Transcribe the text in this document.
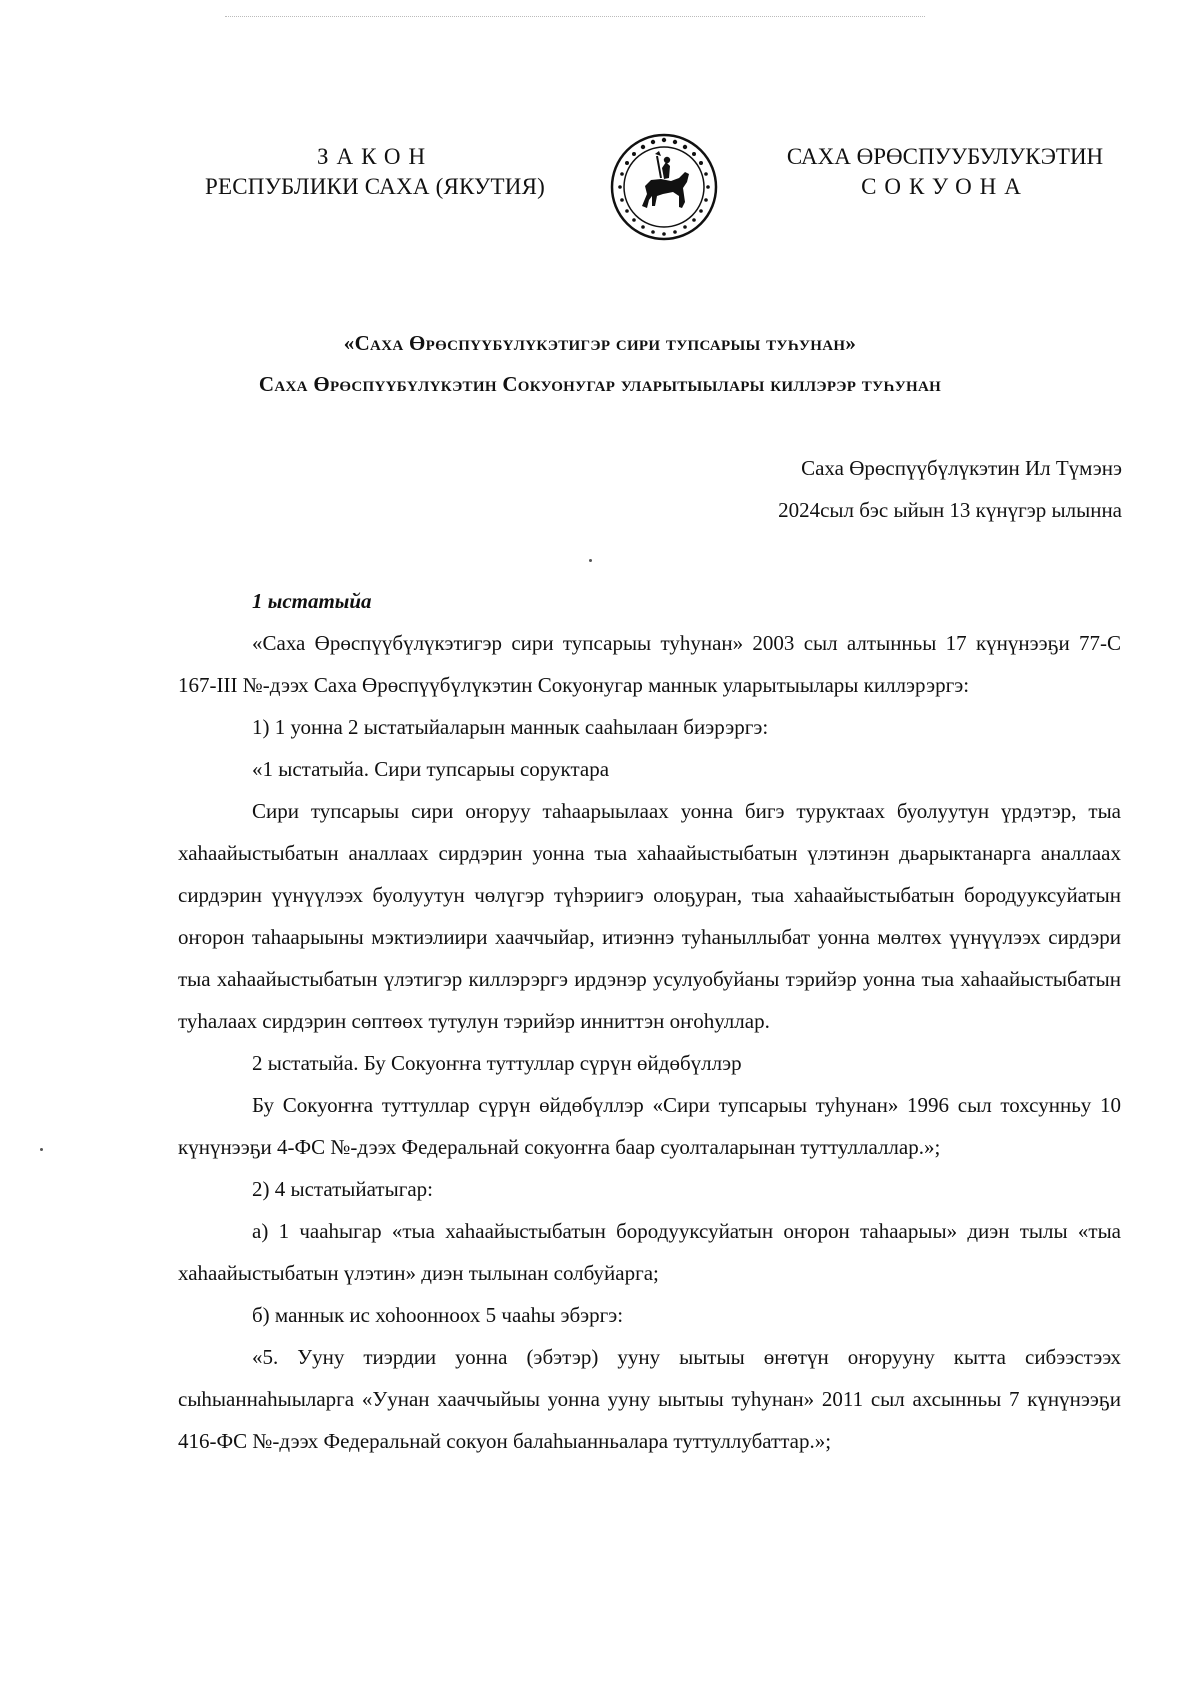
ЗАКОН
РЕСПУБЛИКИ САХА (ЯКУТИЯ)
САХА ӨРӨСПУУБУЛУКЭТИН
СОКУОНА
«Саха Өрөспүүбүлүкэтигэр сири тупсарыы туһунан»
Саха Өрөспүүбүлүкэтин Сокуонугар уларытыылары киллэрэр туһунан
Саха Өрөспүүбүлүкэтин Ил Түмэнэ
2024сыл бэс ыйын 13 күнүгэр ылынна

1 ыстатыйа

«Саха Өрөспүүбүлүкэтигэр сири тупсарыы туһунан» 2003 сыл алтынньы 17 күнүнээҕи 77-С 167-III №-дээх Саха Өрөспүүбүлүкэтин Сокуонугар маннык уларытыылары киллэрэргэ:

1) 1 уонна 2 ыстатыйаларын маннык сааһылаан биэрэргэ:

«1 ыстатыйа. Сири тупсарыы соруктара

Сири тупсарыы сири оҥоруу таһаарыылаах уонна бигэ туруктаах буолуутун үрдэтэр, тыа хаһаайыстыбатын аналлаах сирдэрин уонна тыа хаһаайыстыбатын үлэтинэн дьарыктанарга аналлаах сирдэрин үүнүүлээх буолуутун чөлүгэр түһэриигэ олоҕуран, тыа хаһаайыстыбатын бородууксуйатын оҥорон таһаарыыны мэктиэлиири хааччыйар, итиэннэ туһаныллыбат уонна мөлтөх үүнүүлээх сирдэри тыа хаһаайыстыбатын үлэтигэр киллэрэргэ ирдэнэр усулуобуйаны тэрийэр уонна тыа хаһаайыстыбатын туһалаах сирдэрин сөптөөх тутулун тэрийэр инниттэн оҥоһуллар.

2 ыстатыйа. Бу Сокуоҥҥа туттуллар сүрүн өйдөбүллэр

Бу Сокуоҥҥа туттуллар сүрүн өйдөбүллэр «Сири тупсарыы туһунан» 1996 сыл тохсунньу 10 күнүнээҕи 4-ФС №-дээх Федеральнай сокуоҥҥа баар суолталарынан туттуллаллар.»;

2) 4 ыстатыйатыгар:

а) 1 чааһыгар «тыа хаһаайыстыбатын бородууксуйатын оҥорон таһаарыы» диэн тылы «тыа хаһаайыстыбатын үлэтин» диэн тылынан солбуйарга;

б) маннык ис хоһоонноох 5 чааһы эбэргэ:

«5. Ууну тиэрдии уонна (эбэтэр) ууну ыытыы өҥөтүн оҥорууну кытта сибээстээх сыһыаннаһыыларга «Уунан хааччыйыы уонна ууну ыытыы туһунан» 2011 сыл ахсынньы 7 күнүнээҕи 416-ФС №-дээх Федеральнай сокуон балаһыанньалара туттуллубаттар.»;
